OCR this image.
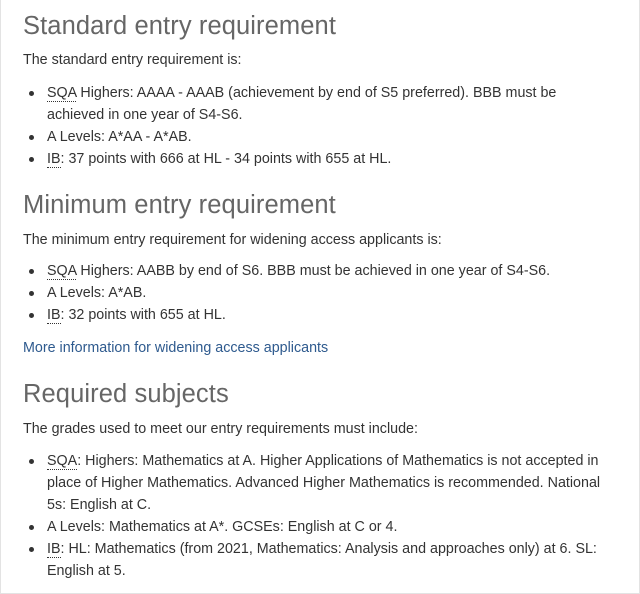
Standard entry requirement

The standard entry requirement is:

SQA Highers: AAAA - AAAB (achievement by end of S5 preferred). BBB must be achieved in one year of S4-S6.
A Levels: A*AA - A*AB.
IB: 37 points with 666 at HL - 34 points with 655 at HL.
Minimum entry requirement

The minimum entry requirement for widening access applicants is:

SQA Highers: AABB by end of S6. BBB must be achieved in one year of S4-S6.
A Levels: A*AB.
IB: 32 points with 655 at HL.
More information for widening access applicants
Required subjects

The grades used to meet our entry requirements must include:

SQA: Highers: Mathematics at A. Higher Applications of Mathematics is not accepted in place of Higher Mathematics. Advanced Higher Mathematics is recommended. National 5s: English at C.
A Levels: Mathematics at A*. GCSEs: English at C or 4.
IB: HL: Mathematics (from 2021, Mathematics: Analysis and approaches only) at 6. SL: English at 5.
